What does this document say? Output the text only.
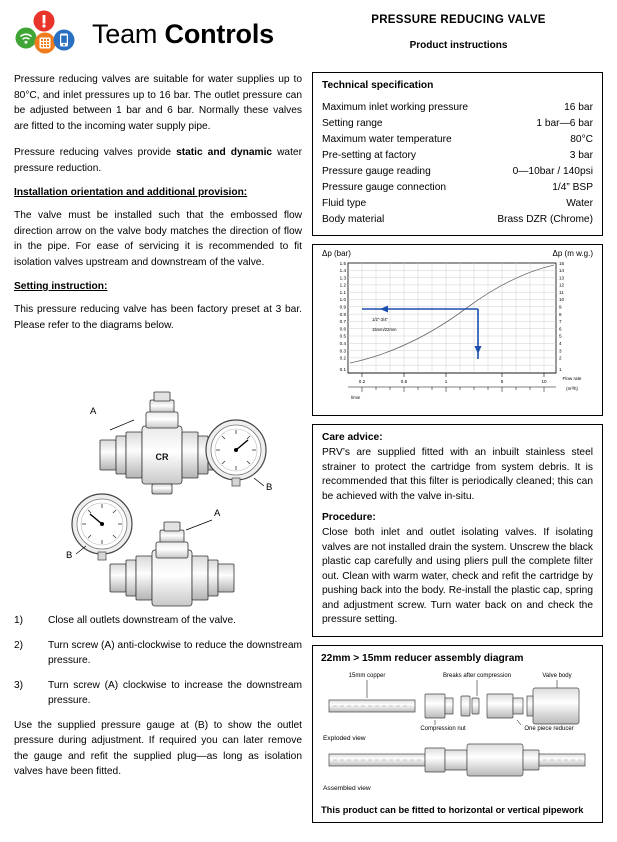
Team Controls	PRESSURE REDUCING VALVE
Product instructions

Pressure reducing valves are suitable for water supplies up to 80°C, and inlet pressures up to 16 bar. The outlet pressure can be adjusted between 1 bar and 6 bar. Normally these valves are fitted to the incoming water supply pipe.

Pressure reducing valves provide static and dynamic water pressure reduction.

Installation orientation and additional provision:

The valve must be installed such that the embossed flow direction arrow on the valve body matches the direction of flow in the pipe. For ease of servicing it is recommended to fit isolation valves upstream and downstream of the valve.

Setting instruction:

This pressure reducing valve has been factory preset at 3 bar. Please refer to the diagrams below.

CR
A
B
A
B
1) Close all outlets downstream of the valve.
2) Turn screw (A) anti-clockwise to reduce the downstream pressure.
3) Turn screw (A) clockwise to increase the downstream pressure.

Use the supplied pressure gauge at (B) to show the outlet pressure during adjustment. If required you can later remove the gauge and refit the supplied plug—as long as isolation valves have been fitted.

Technical specification
Maximum inlet working pressure	16 bar
Setting range	1 bar—6 bar
Maximum water temperature	80°C
Pre-setting at factory	3 bar
Pressure gauge reading	0—10bar / 140psi
Pressure gauge connection	1/4” BSP
Fluid type	Water
Body material	Brass DZR (Chrome)
Δp (bar)	Δp (m w.g.)
1.5
1.4
1.3
1.2
1.1
1.0
0.9
0.8
0.7
0.6
0.5
0.4
0.3
0.2
0.1
15
14
13
12
11
10
9
8
7
6
5
4
3
2
1
1/2"-3/4"
15mm/22mm
0.2	0.5	1	5	10
Flow rate
l/min
(m³/h)
Care advice:

PRV’s are supplied fitted with an inbuilt stainless steel strainer to protect the cartridge from system debris. It is recommended that this filter is periodically cleaned; this can be achieved with the valve in-situ.

Procedure:

Close both inlet and outlet isolating valves. If isolating valves are not installed drain the system. Unscrew the black plastic cap carefully and using pliers pull the complete filter out. Clean with warm water, check and refit the cartridge by pushing back into the body. Re-install the plastic cap, spring and adjustment screw. Turn water back on and check the pressure setting.

22mm > 15mm reducer assembly diagram
15mm copper	Breaks after compression	Valve body
Compression nut	One piece reducer
Exploded view
Assembled view
This product can be fitted to horizontal or vertical pipework
